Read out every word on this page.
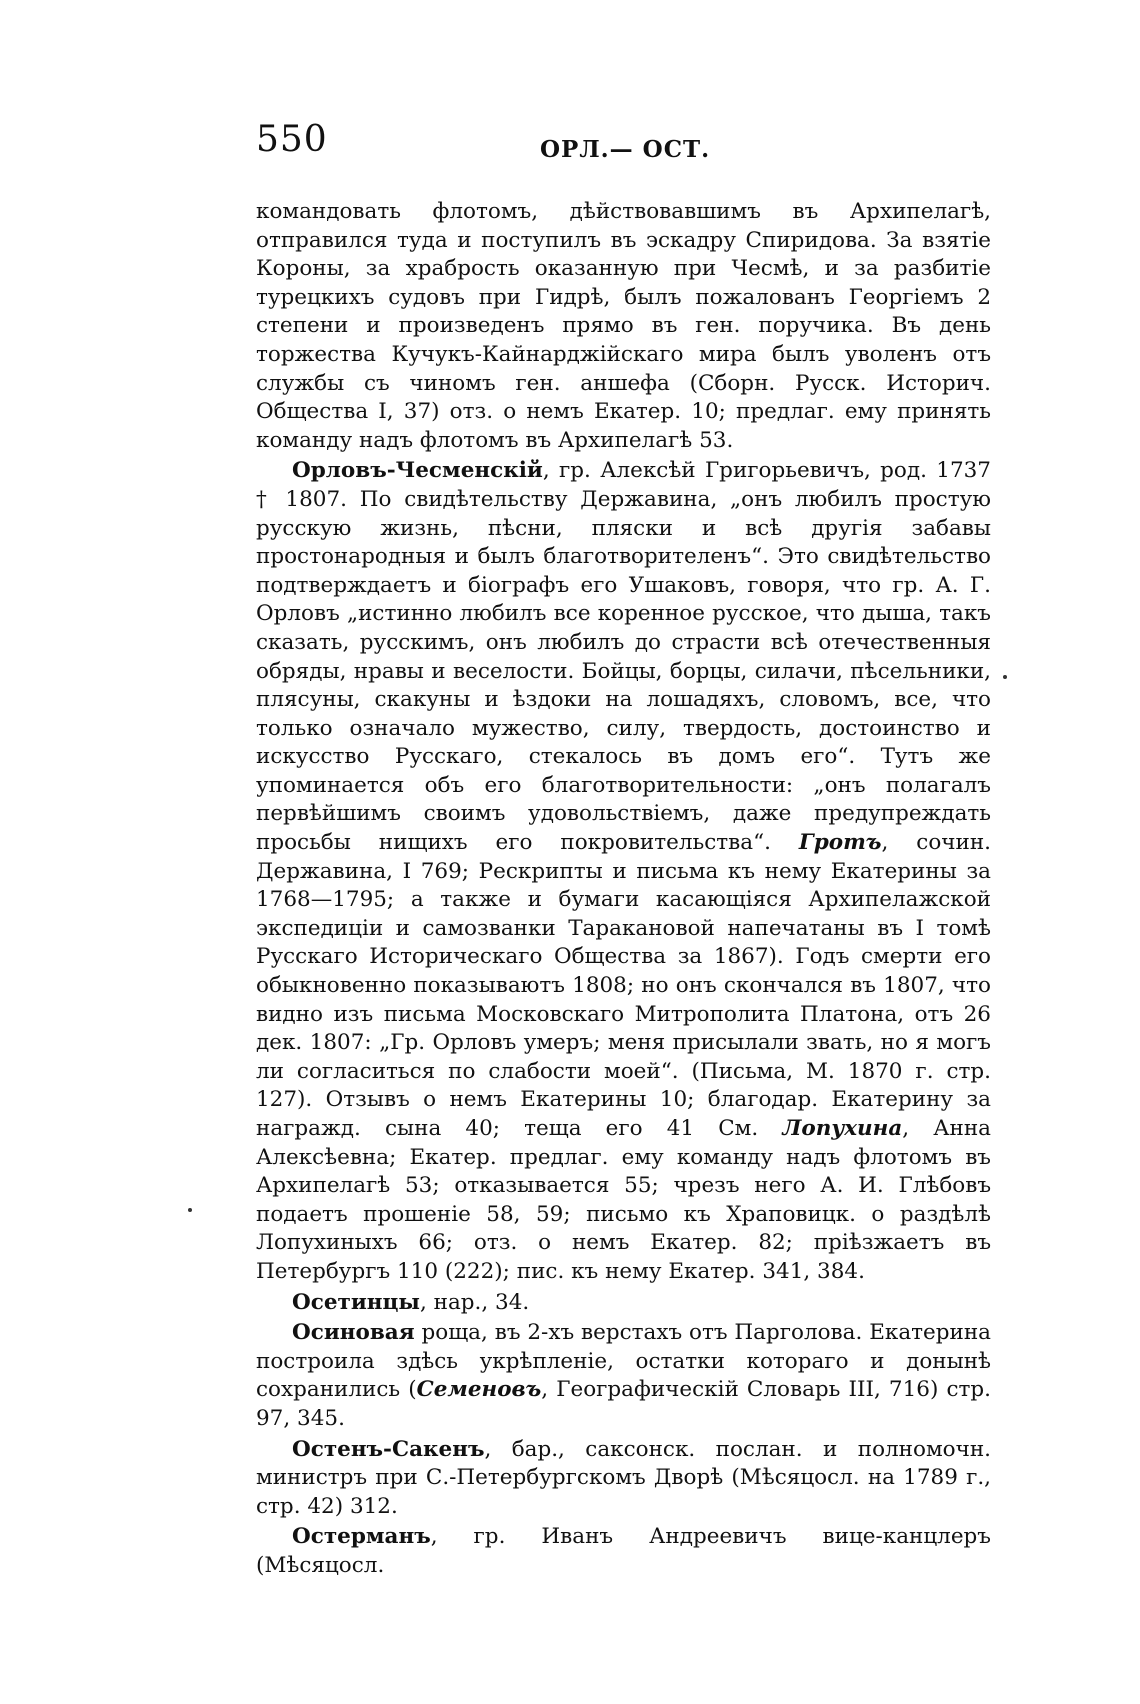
550	ОРЛ.— ОСТ.

командовать флотомъ, дѣйствовавшимъ въ Архипелагѣ, отправился туда и поступилъ въ эскадру Спиридова. За взятіе Короны, за храбрость оказанную при Чесмѣ, и за разбитіе турецкихъ судовъ при Гидрѣ, былъ пожалованъ Георгіемъ 2 степени и произведенъ прямо въ ген. поручика. Въ день торжества Кучукъ-Кайнарджійскаго мира былъ уволенъ отъ службы съ чиномъ ген. аншефа (Сборн. Русск. Историч. Общества I, 37) отз. о немъ Екатер. 10; предлаг. ему принять команду надъ флотомъ въ Архипелагѣ 53.

Орловъ-Чесменскій, гр. Алексѣй Григорьевичъ, род. 1737 † 1807. По свидѣтельству Державина, „онъ любилъ простую русскую жизнь, пѣсни, пляски и всѣ другія забавы простонародныя и былъ благотворителенъ“. Это свидѣтельство подтверждаетъ и біографъ его Ушаковъ, говоря, что гр. А. Г. Орловъ „истинно любилъ все коренное русское, что дыша, такъ сказать, русскимъ, онъ любилъ до страсти всѣ отечественныя обряды, нравы и веселости. Бойцы, борцы, силачи, пѣсельники, плясуны, скакуны и ѣздоки на лошадяхъ, словомъ, все, что только означало мужество, силу, твердость, достоинство и искусство Русскаго, стекалось въ домъ его“. Тутъ же упоминается объ его благотворительности: „онъ полагалъ первѣйшимъ своимъ удовольствіемъ, даже предупреждать просьбы нищихъ его покровительства“. Гротъ, сочин. Державина, I 769; Рескрипты и письма къ нему Екатерины за 1768—1795; а также и бумаги касающіяся Архипелажской экспедиціи и самозванки Таракановой напечатаны въ I томѣ Русскаго Историческаго Общества за 1867). Годъ смерти его обыкновенно показываютъ 1808; но онъ скончался въ 1807, что видно изъ письма Московскаго Митрополита Платона, отъ 26 дек. 1807: „Гр. Орловъ умеръ; меня присылали звать, но я могъ ли согласиться по слабости моей“. (Письма, М. 1870 г. стр. 127). Отзывъ о немъ Екатерины 10; благодар. Екатерину за награжд. сына 40; теща его 41 См. Лопухина, Анна Алексѣевна; Екатер. предлаг. ему команду надъ флотомъ въ Архипелагѣ 53; отказывается 55; чрезъ него А. И. Глѣбовъ подаетъ прошеніе 58, 59; письмо къ Храповицк. о раздѣлѣ Лопухиныхъ 66; отз. о немъ Екатер. 82; пріѣзжаетъ въ Петербургъ 110 (222); пис. къ нему Екатер. 341, 384.

Осетинцы, нар., 34.

Осиновая роща, въ 2-хъ верстахъ отъ Парголова. Екатерина построила здѣсь укрѣпленіе, остатки котораго и донынѣ сохранились (Семеновъ, Географическій Словарь III, 716) стр. 97, 345.

Остенъ-Сакенъ, бар., саксонск. послан. и полномочн. министръ при С.-Петербургскомъ Дворѣ (Мѣсяцосл. на 1789 г., стр. 42) 312.

Остерманъ, гр. Иванъ Андреевичъ вице-канцлеръ (Мѣсяцосл.
